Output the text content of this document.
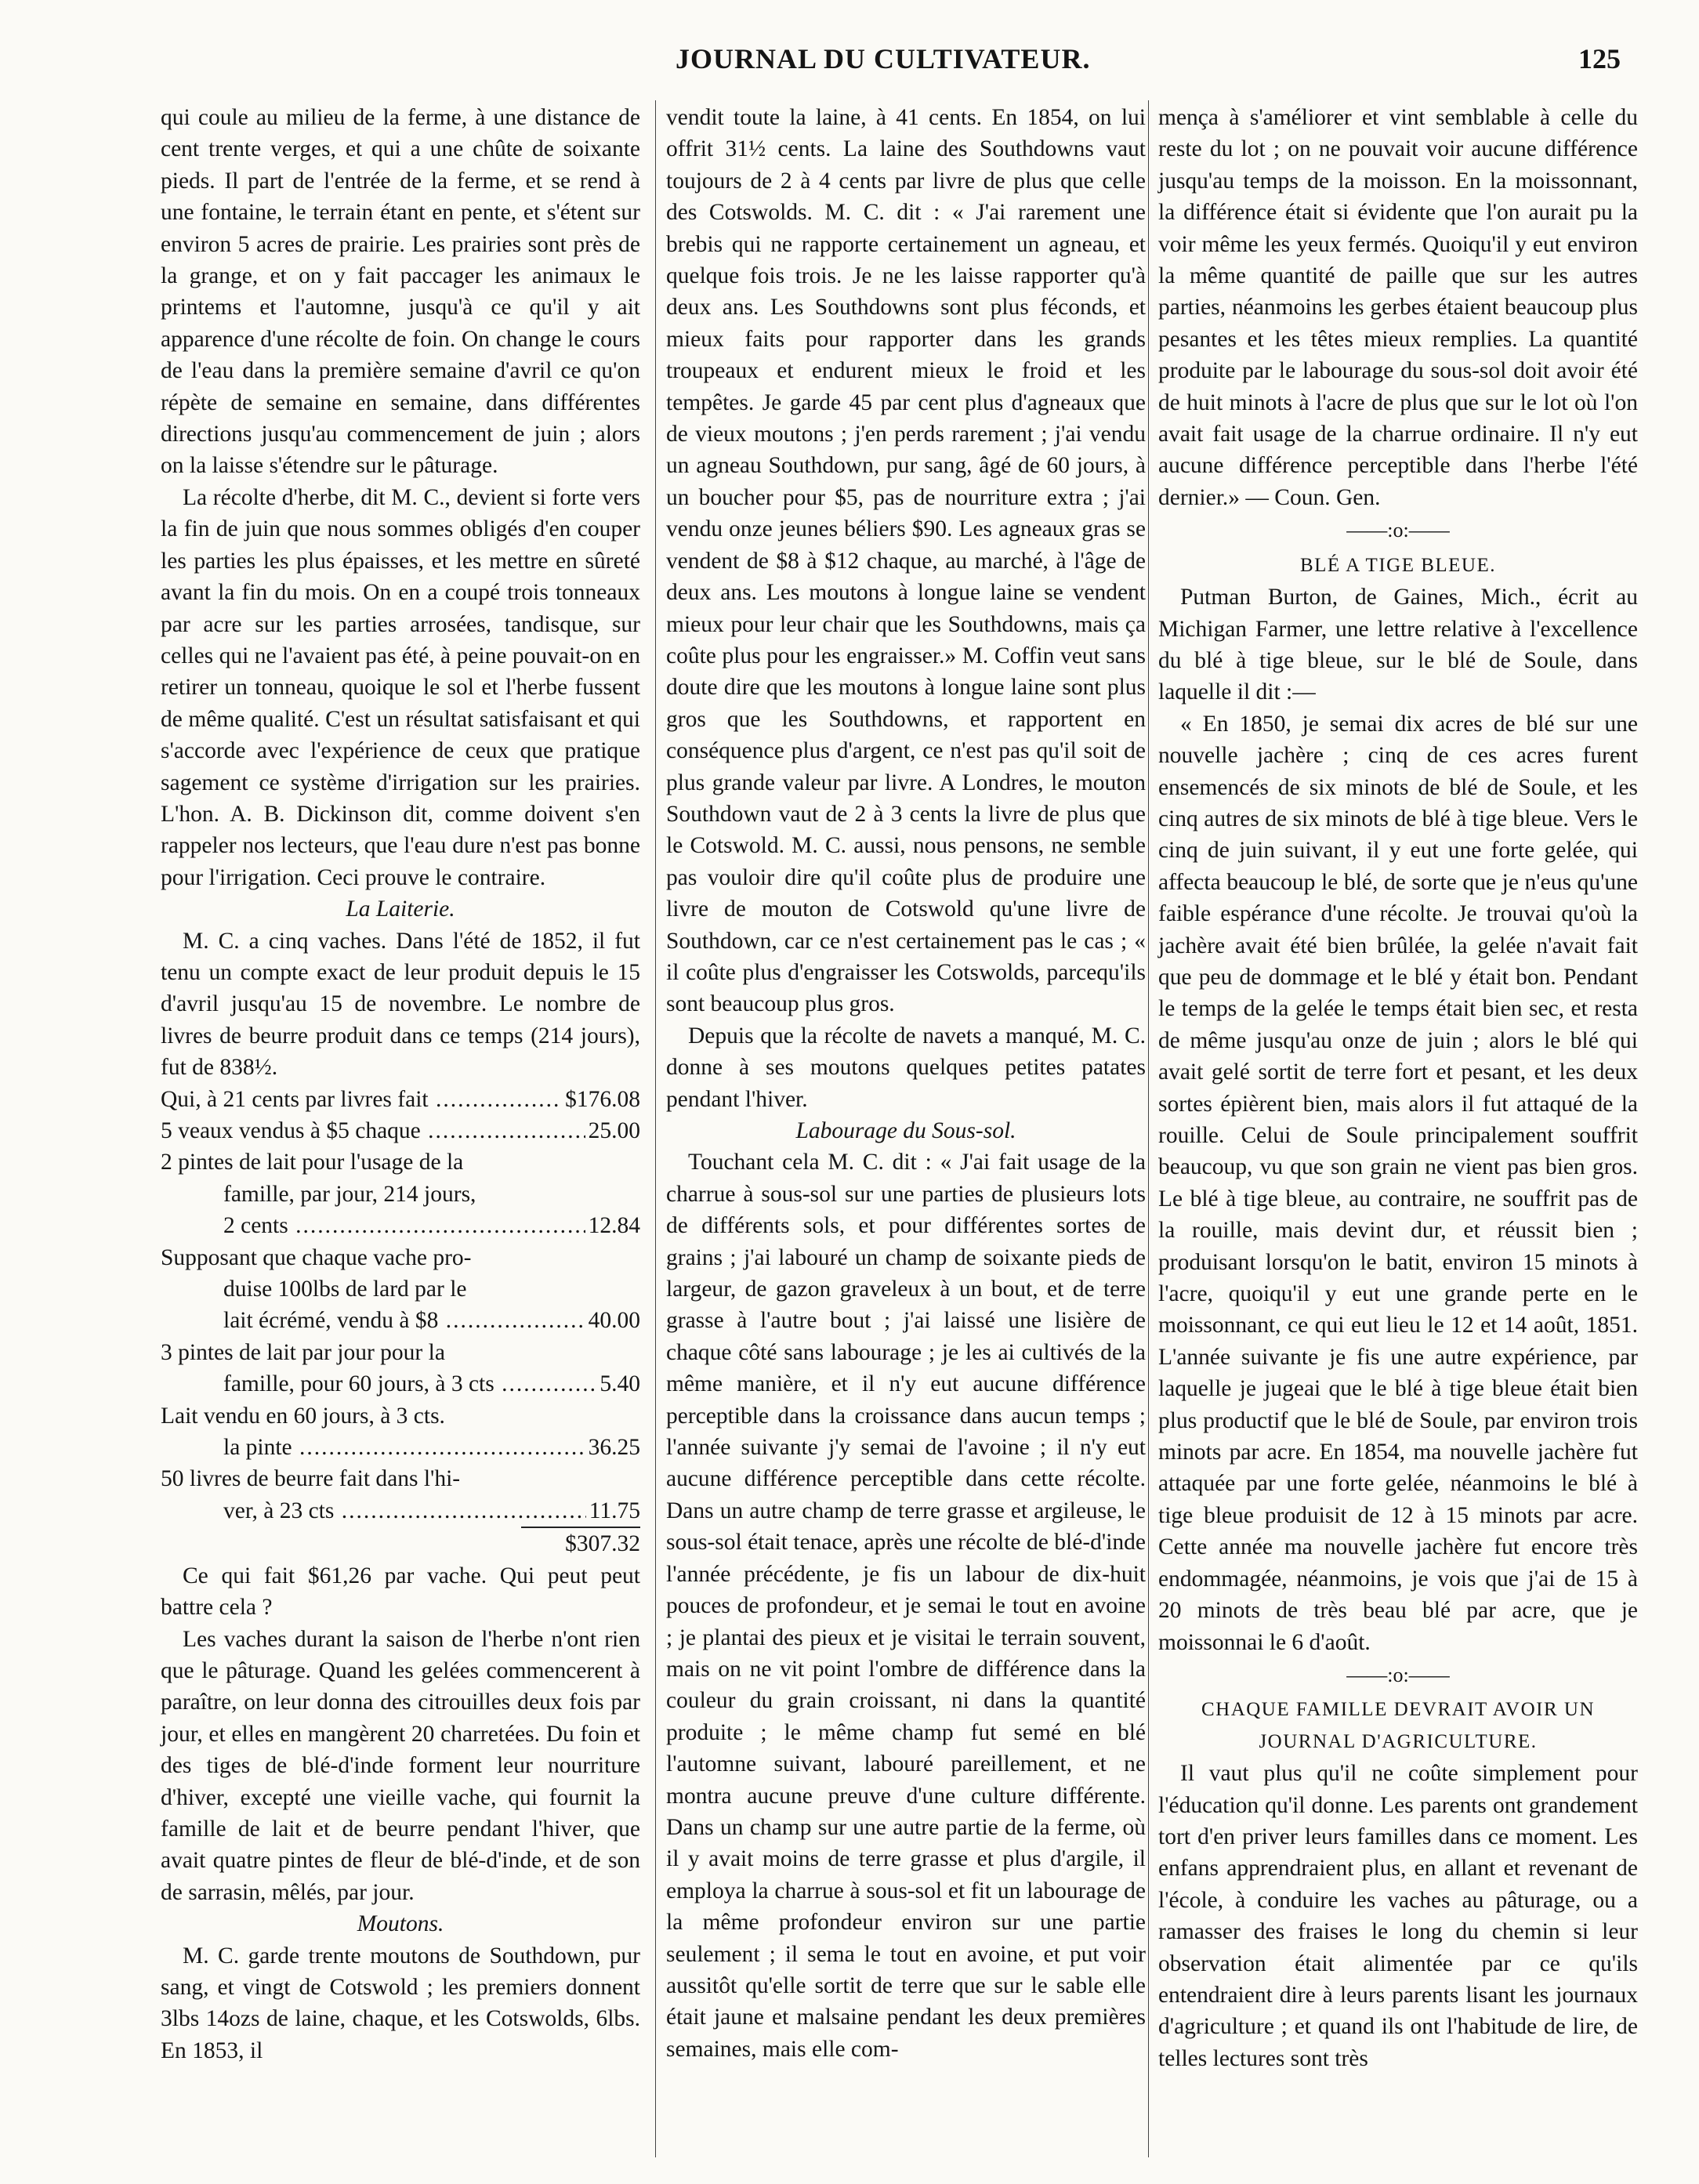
JOURNAL DU CULTIVATEUR.	125

qui coule au milieu de la ferme, à une distance de cent trente verges, et qui a une chûte de soixante pieds. Il part de l'entrée de la ferme, et se rend à une fontaine, le terrain étant en pente, et s'étent sur environ 5 acres de prairie. Les prairies sont près de la grange, et on y fait paccager les animaux le printems et l'automne, jusqu'à ce qu'il y ait apparence d'une récolte de foin. On change le cours de l'eau dans la première semaine d'avril ce qu'on répète de semaine en semaine, dans différentes directions jusqu'au commencement de juin ; alors on la laisse s'étendre sur le pâturage.

La récolte d'herbe, dit M. C., devient si forte vers la fin de juin que nous sommes obligés d'en couper les parties les plus épaisses, et les mettre en sûreté avant la fin du mois. On en a coupé trois tonneaux par acre sur les parties arrosées, tandisque, sur celles qui ne l'avaient pas été, à peine pouvait-on en retirer un tonneau, quoique le sol et l'herbe fussent de même qualité. C'est un résultat satisfaisant et qui s'accorde avec l'expérience de ceux que pratique sagement ce système d'irrigation sur les prairies. L'hon. A. B. Dickinson dit, comme doivent s'en rappeler nos lecteurs, que l'eau dure n'est pas bonne pour l'irrigation. Ceci prouve le contraire.

La Laiterie.

M. C. a cinq vaches. Dans l'été de 1852, il fut tenu un compte exact de leur produit depuis le 15 d'avril jusqu'au 15 de novembre. Le nombre de livres de beurre produit dans ce temps (214 jours), fut de 838½.

Qui, à 21 cents par livres fait .....	$176.08
5 veaux vendus à $5 chaque .....	25.00
2 pintes de lait pour l'usage de la
famille, par jour, 214 jours,
2 cents .....	12.84
Supposant que chaque vache pro-
duise 100lbs de lard par le
lait écrémé, vendu à $8 .....	40.00
3 pintes de lait par jour pour la
famille, pour 60 jours, à 3 cts .....	5.40
Lait vendu en 60 jours, à 3 cts.
la pinte .....	36.25
50 livres de beurre fait dans l'hi-
ver, à 23 cts .....	11.75
$307.32

Ce qui fait $61,26 par vache. Qui peut peut battre cela ?

Les vaches durant la saison de l'herbe n'ont rien que le pâturage. Quand les gelées commencerent à paraître, on leur donna des citrouilles deux fois par jour, et elles en mangèrent 20 charretées. Du foin et des tiges de blé-d'inde forment leur nourriture d'hiver, excepté une vieille vache, qui fournit la famille de lait et de beurre pendant l'hiver, que avait quatre pintes de fleur de blé-d'inde, et de son de sarrasin, mêlés, par jour.

Moutons.

M. C. garde trente moutons de Southdown, pur sang, et vingt de Cotswold ; les premiers donnent 3lbs 14ozs de laine, chaque, et les Cotswolds, 6lbs. En 1853, il

vendit toute la laine, à 41 cents. En 1854, on lui offrit 31½ cents. La laine des Southdowns vaut toujours de 2 à 4 cents par livre de plus que celle des Cotswolds. M. C. dit : « J'ai rarement une brebis qui ne rapporte certainement un agneau, et quelque fois trois. Je ne les laisse rapporter qu'à deux ans. Les Southdowns sont plus féconds, et mieux faits pour rapporter dans les grands troupeaux et endurent mieux le froid et les tempêtes. Je garde 45 par cent plus d'agneaux que de vieux moutons ; j'en perds rarement ; j'ai vendu un agneau Southdown, pur sang, âgé de 60 jours, à un boucher pour $5, pas de nourriture extra ; j'ai vendu onze jeunes béliers $90. Les agneaux gras se vendent de $8 à $12 chaque, au marché, à l'âge de deux ans. Les moutons à longue laine se vendent mieux pour leur chair que les Southdowns, mais ça coûte plus pour les engraisser.» M. Coffin veut sans doute dire que les moutons à longue laine sont plus gros que les Southdowns, et rapportent en conséquence plus d'argent, ce n'est pas qu'il soit de plus grande valeur par livre. A Londres, le mouton Southdown vaut de 2 à 3 cents la livre de plus que le Cotswold. M. C. aussi, nous pensons, ne semble pas vouloir dire qu'il coûte plus de produire une livre de mouton de Cotswold qu'une livre de Southdown, car ce n'est certainement pas le cas ; « il coûte plus d'engraisser les Cotswolds, parcequ'ils sont beaucoup plus gros.

Depuis que la récolte de navets a manqué, M. C. donne à ses moutons quelques petites patates pendant l'hiver.

Labourage du Sous-sol.

Touchant cela M. C. dit : « J'ai fait usage de la charrue à sous-sol sur une parties de plusieurs lots de différents sols, et pour différentes sortes de grains ; j'ai labouré un champ de soixante pieds de largeur, de gazon graveleux à un bout, et de terre grasse à l'autre bout ; j'ai laissé une lisière de chaque côté sans labourage ; je les ai cultivés de la même manière, et il n'y eut aucune différence perceptible dans la croissance dans aucun temps ; l'année suivante j'y semai de l'avoine ; il n'y eut aucune différence perceptible dans cette récolte. Dans un autre champ de terre grasse et argileuse, le sous-sol était tenace, après une récolte de blé-d'inde l'année précédente, je fis un labour de dix-huit pouces de profondeur, et je semai le tout en avoine ; je plantai des pieux et je visitai le terrain souvent, mais on ne vit point l'ombre de différence dans la couleur du grain croissant, ni dans la quantité produite ; le même champ fut semé en blé l'automne suivant, labouré pareillement, et ne montra aucune preuve d'une culture différente. Dans un champ sur une autre partie de la ferme, où il y avait moins de terre grasse et plus d'argile, il employa la charrue à sous-sol et fit un labourage de la même profondeur environ sur une partie seulement ; il sema le tout en avoine, et put voir aussitôt qu'elle sortit de terre que sur le sable elle était jaune et malsaine pendant les deux premières semaines, mais elle com-

mença à s'améliorer et vint semblable à celle du reste du lot ; on ne pouvait voir aucune différence jusqu'au temps de la moisson. En la moissonnant, la différence était si évidente que l'on aurait pu la voir même les yeux fermés. Quoiqu'il y eut environ la même quantité de paille que sur les autres parties, néanmoins les gerbes étaient beaucoup plus pesantes et les têtes mieux remplies. La quantité produite par le labourage du sous-sol doit avoir été de huit minots à l'acre de plus que sur le lot où l'on avait fait usage de la charrue ordinaire. Il n'y eut aucune différence perceptible dans l'herbe l'été dernier.» — Coun. Gen.

——:o:——
BLÉ A TIGE BLEUE.

Putman Burton, de Gaines, Mich., écrit au Michigan Farmer, une lettre relative à l'excellence du blé à tige bleue, sur le blé de Soule, dans laquelle il dit :—

« En 1850, je semai dix acres de blé sur une nouvelle jachère ; cinq de ces acres furent ensemencés de six minots de blé de Soule, et les cinq autres de six minots de blé à tige bleue. Vers le cinq de juin suivant, il y eut une forte gelée, qui affecta beaucoup le blé, de sorte que je n'eus qu'une faible espérance d'une récolte. Je trouvai qu'où la jachère avait été bien brûlée, la gelée n'avait fait que peu de dommage et le blé y était bon. Pendant le temps de la gelée le temps était bien sec, et resta de même jusqu'au onze de juin ; alors le blé qui avait gelé sortit de terre fort et pesant, et les deux sortes épièrent bien, mais alors il fut attaqué de la rouille. Celui de Soule principalement souffrit beaucoup, vu que son grain ne vient pas bien gros. Le blé à tige bleue, au contraire, ne souffrit pas de la rouille, mais devint dur, et réussit bien ; produisant lorsqu'on le batit, environ 15 minots à l'acre, quoiqu'il y eut une grande perte en le moissonnant, ce qui eut lieu le 12 et 14 août, 1851. L'année suivante je fis une autre expérience, par laquelle je jugeai que le blé à tige bleue était bien plus productif que le blé de Soule, par environ trois minots par acre. En 1854, ma nouvelle jachère fut attaquée par une forte gelée, néanmoins le blé à tige bleue produisit de 12 à 15 minots par acre. Cette année ma nouvelle jachère fut encore très endommagée, néanmoins, je vois que j'ai de 15 à 20 minots de très beau blé par acre, que je moissonnai le 6 d'août.

——:o:——
CHAQUE FAMILLE DEVRAIT AVOIR UN JOURNAL D'AGRICULTURE.

Il vaut plus qu'il ne coûte simplement pour l'éducation qu'il donne. Les parents ont grandement tort d'en priver leurs familles dans ce moment. Les enfans apprendraient plus, en allant et revenant de l'école, à conduire les vaches au pâturage, ou a ramasser des fraises le long du chemin si leur observation était alimentée par ce qu'ils entendraient dire à leurs parents lisant les journaux d'agriculture ; et quand ils ont l'habitude de lire, de telles lectures sont très
